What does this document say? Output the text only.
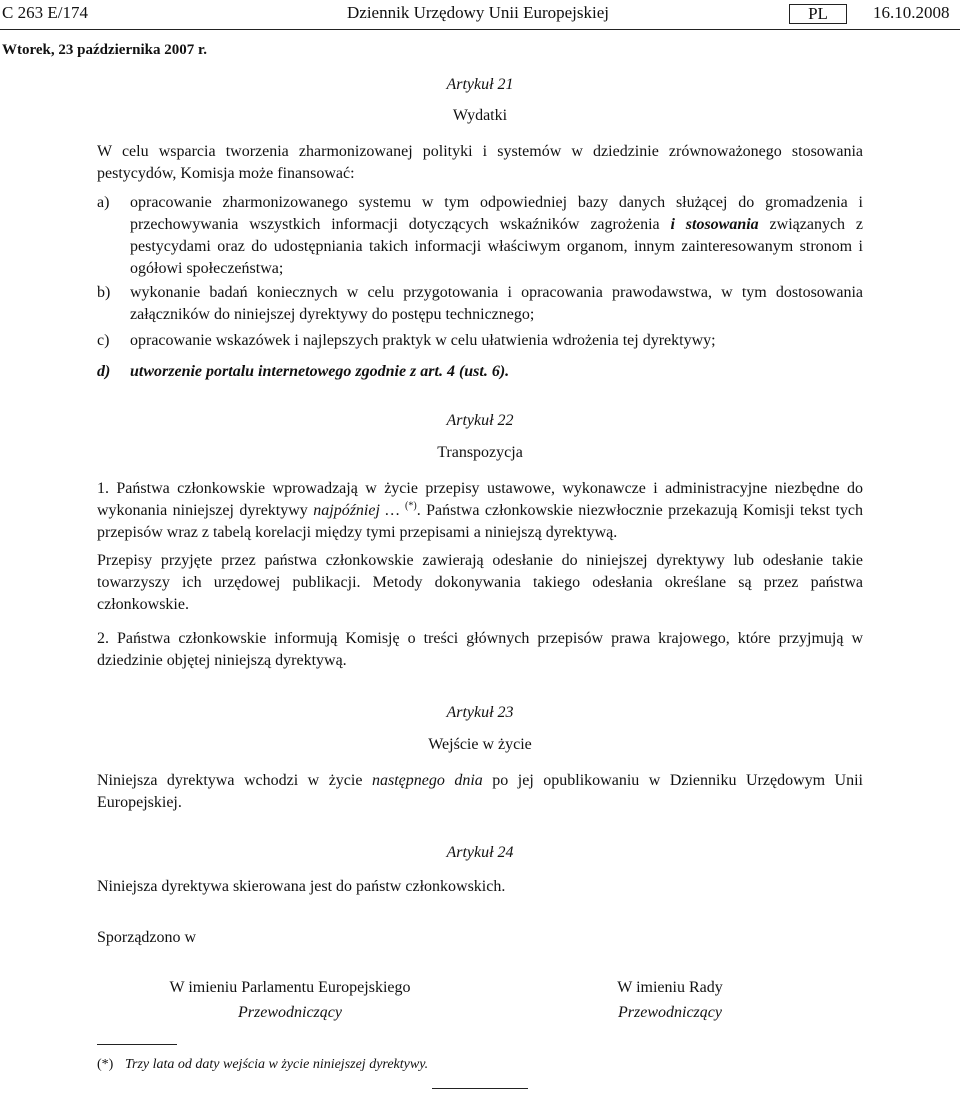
C 263 E/174	Dziennik Urzędowy Unii Europejskiej	PL	16.10.2008
Wtorek, 23 października 2007 r.
Artykuł 21
Wydatki
W celu wsparcia tworzenia zharmonizowanej polityki i systemów w dziedzinie zrównoważonego stosowania pestycydów, Komisja może finansować:
a) opracowanie zharmonizowanego systemu w tym odpowiedniej bazy danych służącej do gromadzenia i przechowywania wszystkich informacji dotyczących wskaźników zagrożenia i stosowania związanych z pestycydami oraz do udostępniania takich informacji właściwym organom, innym zainteresowanym stronom i ogółowi społeczeństwa;
b) wykonanie badań koniecznych w celu przygotowania i opracowania prawodawstwa, w tym dostosowania załączników do niniejszej dyrektywy do postępu technicznego;
c) opracowanie wskazówek i najlepszych praktyk w celu ułatwienia wdrożenia tej dyrektywy;
d) utworzenie portalu internetowego zgodnie z art. 4 (ust. 6).
Artykuł 22
Transpozycja
1. Państwa członkowskie wprowadzają w życie przepisy ustawowe, wykonawcze i administracyjne niezbędne do wykonania niniejszej dyrektywy najpóźniej … (*). Państwa członkowskie niezwłocznie przekazują Komisji tekst tych przepisów wraz z tabelą korelacji między tymi przepisami a niniejszą dyrektywą.
Przepisy przyjęte przez państwa członkowskie zawierają odesłanie do niniejszej dyrektywy lub odesłanie takie towarzyszy ich urzędowej publikacji. Metody dokonywania takiego odesłania określane są przez państwa członkowskie.
2. Państwa członkowskie informują Komisję o treści głównych przepisów prawa krajowego, które przyjmują w dziedzinie objętej niniejszą dyrektywą.
Artykuł 23
Wejście w życie
Niniejsza dyrektywa wchodzi w życie następnego dnia po jej opublikowaniu w Dzienniku Urzędowym Unii Europejskiej.
Artykuł 24
Niniejsza dyrektywa skierowana jest do państw członkowskich.
Sporządzono w
W imieniu Parlamentu Europejskiego
Przewodniczący
W imieniu Rady
Przewodniczący
(*) Trzy lata od daty wejścia w życie niniejszej dyrektywy.
